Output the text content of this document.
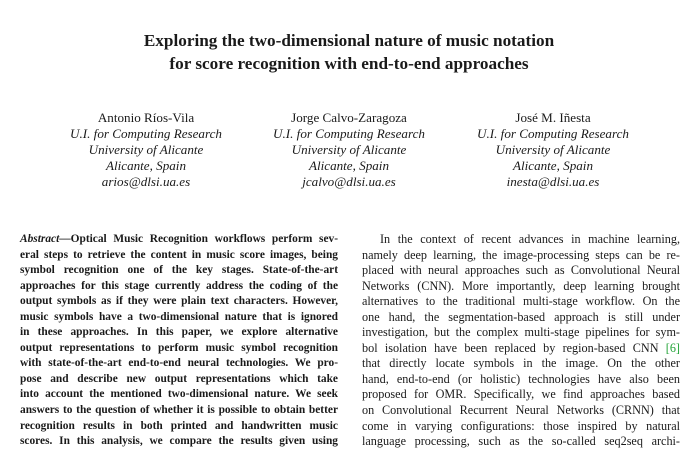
Exploring the two-dimensional nature of music notation
for score recognition with end-to-end approaches
Antonio Ríos-Vila
U.I. for Computing Research
University of Alicante
Alicante, Spain
arios@dlsi.ua.es
Jorge Calvo-Zaragoza
U.I. for Computing Research
University of Alicante
Alicante, Spain
jcalvo@dlsi.ua.es
José M. Iñesta
U.I. for Computing Research
University of Alicante
Alicante, Spain
inesta@dlsi.ua.es
Abstract—Optical Music Recognition workflows perform sev-
eral steps to retrieve the content in music score images, being
symbol recognition one of the key stages. State-of-the-art
approaches for this stage currently address the coding of the
output symbols as if they were plain text characters. However,
music symbols have a two-dimensional nature that is ignored
in these approaches. In this paper, we explore alternative
output representations to perform music symbol recognition
with state-of-the-art end-to-end neural technologies. We pro-
pose and describe new output representations which take
into account the mentioned two-dimensional nature. We seek
answers to the question of whether it is possible to obtain better
recognition results in both printed and handwritten music
scores. In this analysis, we compare the results given using
In the context of recent advances in machine learning,
namely deep learning, the image-processing steps can be re-
placed with neural approaches such as Convolutional Neural
Networks (CNN). More importantly, deep learning brought
alternatives to the traditional multi-stage workflow. On the
one hand, the segmentation-based approach is still under
investigation, but the complex multi-stage pipelines for sym-
bol isolation have been replaced by region-based CNN [6]
that directly locate symbols in the image. On the other
hand, end-to-end (or holistic) technologies have also been
proposed for OMR. Specifically, we find approaches based
on Convolutional Recurrent Neural Networks (CRNN) that
come in varying configurations: those inspired by natural
language processing, such as the so-called seq2seq archi-
